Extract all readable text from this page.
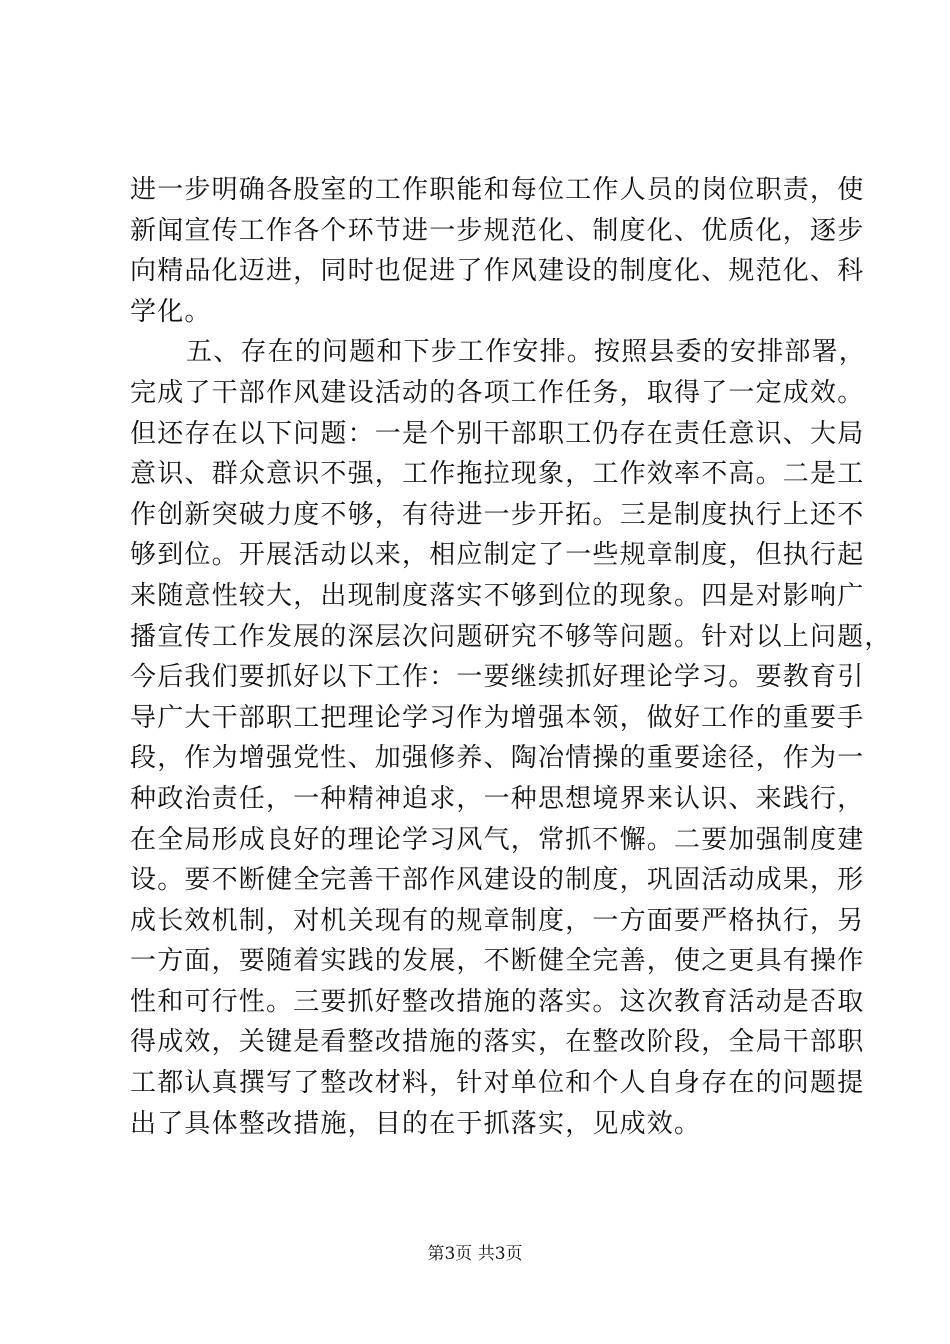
进一步明确各股室的工作职能和每位工作人员的岗位职责，使
新闻宣传工作各个环节进一步规范化、制度化、优质化，逐步
向精品化迈进，同时也促进了作风建设的制度化、规范化、科
学化。
五、存在的问题和下步工作安排。按照县委的安排部署，
完成了干部作风建设活动的各项工作任务，取得了一定成效。
但还存在以下问题：一是个别干部职工仍存在责任意识、大局
意识、群众意识不强，工作拖拉现象，工作效率不高。二是工
作创新突破力度不够，有待进一步开拓。三是制度执行上还不
够到位。开展活动以来，相应制定了一些规章制度，但执行起
来随意性较大，出现制度落实不够到位的现象。四是对影响广
播宣传工作发展的深层次问题研究不够等问题。针对以上问题，
今后我们要抓好以下工作：一要继续抓好理论学习。要教育引
导广大干部职工把理论学习作为增强本领，做好工作的重要手
段，作为增强党性、加强修养、陶冶情操的重要途径，作为一
种政治责任，一种精神追求，一种思想境界来认识、来践行，
在全局形成良好的理论学习风气，常抓不懈。二要加强制度建
设。要不断健全完善干部作风建设的制度，巩固活动成果，形
成长效机制，对机关现有的规章制度，一方面要严格执行，另
一方面，要随着实践的发展，不断健全完善，使之更具有操作
性和可行性。三要抓好整改措施的落实。这次教育活动是否取
得成效，关键是看整改措施的落实，在整改阶段，全局干部职
工都认真撰写了整改材料，针对单位和个人自身存在的问题提
出了具体整改措施，目的在于抓落实，见成效。
第3页 共3页
